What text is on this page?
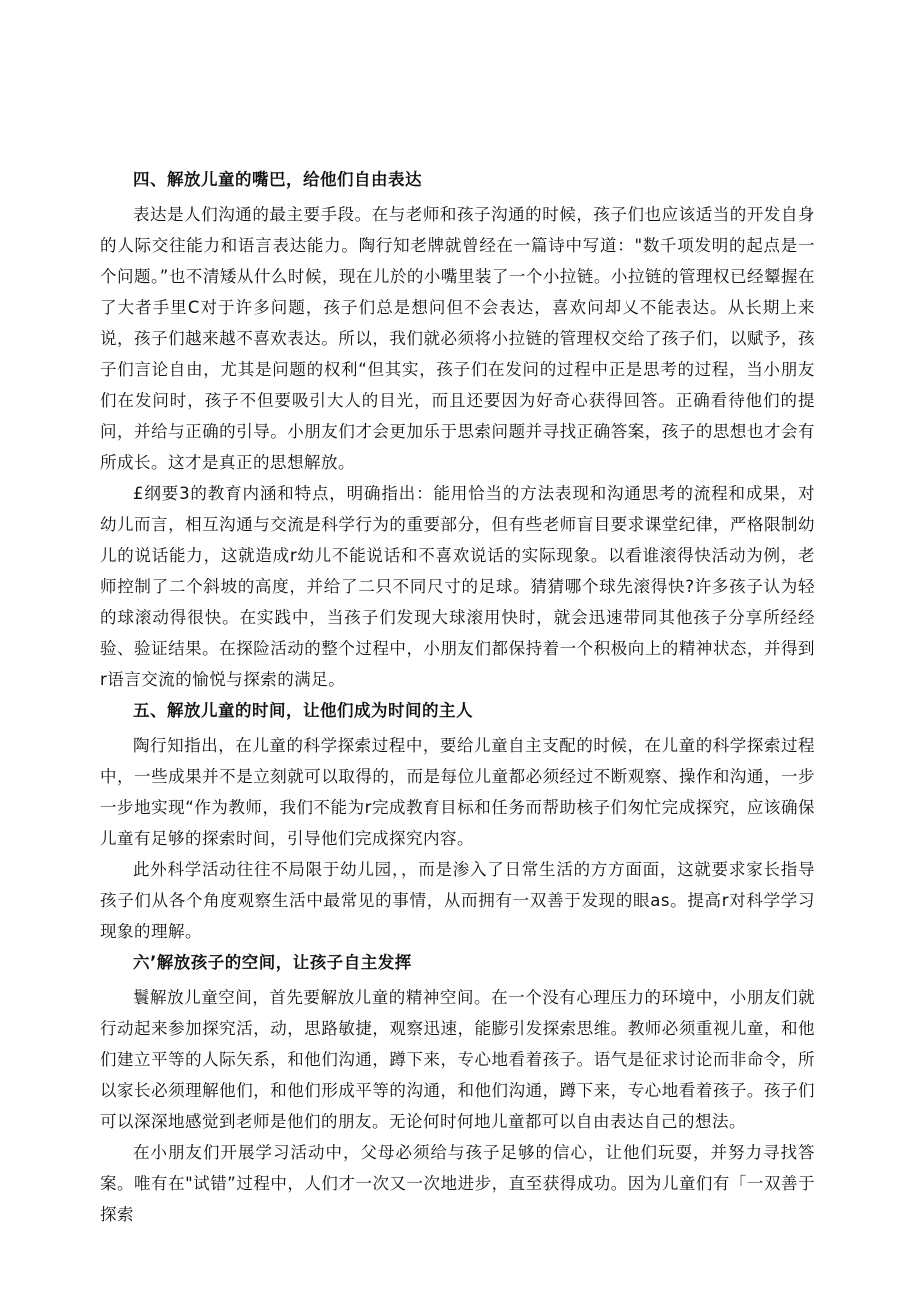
四、解放儿童的嘴巴，给他们自由表达

表达是人们沟通的最主要手段。在与老师和孩子沟通的时候，孩子们也应该适当的开发自身的人际交往能力和语言表达能力。陶行知老牌就曾经在一篇诗中写道："数千项发明的起点是一个问题。”也不清矮从什么时候，现在儿於的小嘴里装了一个小拉链。小拉链的管理权已经颦握在了大者手里C对于许多问题，孩子们总是想问但不会表达，喜欢问却乂不能表达。从长期上来说，孩子们越来越不喜欢表达。所以，我们就必须将小拉链的管理权交给了孩子们，以赋予，孩子们言论自由，尤其是问题的权利“但其实，孩子们在发问的过程中正是思考的过程，当小朋友们在发问时，孩子不但要吸引大人的目光，而且还要因为好奇心获得回答。正确看待他们的提问，并给与正确的引导。小朋友们才会更加乐于思索问题并寻找正确答案，孩子的思想也才会有所成长。这才是真正的思想解放。

£纲要3的教育内涵和特点，明确指出：能用恰当的方法表现和沟通思考的流程和成果，对幼儿而言，相互沟通与交流是科学行为的重要部分，但有些老师盲目要求课堂纪律，严格限制幼儿的说话能力，这就造成r幼儿不能说话和不喜欢说话的实际现象。以看谁滚得快活动为例，老师控制了二个斜坡的高度，并给了二只不同尺寸的足球。猜猜哪个球先滚得快?许多孩子认为轻的球滚动得很快。在实践中，当孩子们发现大球滚用快时，就会迅速带同其他孩子分享所经经验、验证结果。在探险活动的整个过程中，小朋友们都保持着一个积极向上的精神状态，并得到r语言交流的愉悦与探索的满足。

五、解放儿童的时间，让他们成为时间的主人

陶行知指出，在儿童的科学探索过程中，要给儿童自主支配的时候，在儿童的科学探索过程中，一些成果并不是立刻就可以取得的，而是每位儿童都必须经过不断观察、操作和沟通，一步一步地实现“作为教师，我们不能为r完成教育目标和任务而帮助核子们匆忙完成探究，应该确保儿童有足够的探索时间，引导他们完成探究内容。

此外科学活动往往不局限于幼儿园，，而是渗入了日常生活的方方面面，这就要求家长指导孩子们从各个角度观察生活中最常见的事情，从而拥有一双善于发现的眼as。提高r对科学学习现象的理解。

六’解放孩子的空间，让孩子自主发挥

鬟解放儿童空间，首先要解放儿童的精神空间。在一个没有心理压力的环境中，小朋友们就行动起来参加探究活，动，思路敏捷，观察迅速，能膨引发探索思维。教师必须重视儿童，和他们建立平等的人际矢系，和他们沟通，蹲下来，专心地看着孩子。语气是征求讨论而非命令，所以家长必须理解他们，和他们形成平等的沟通，和他们沟通，蹲下来，专心地看着孩子。孩子们可以深深地感觉到老师是他们的朋友。无论何时何地儿童都可以自由表达自己的想法。

在小朋友们开展学习活动中，父母必须给与孩子足够的信心，让他们玩耍，并努力寻找答案。唯有在"试错”过程中，人们才一次又一次地进步，直至获得成功。因为儿童们有「一双善于探索
